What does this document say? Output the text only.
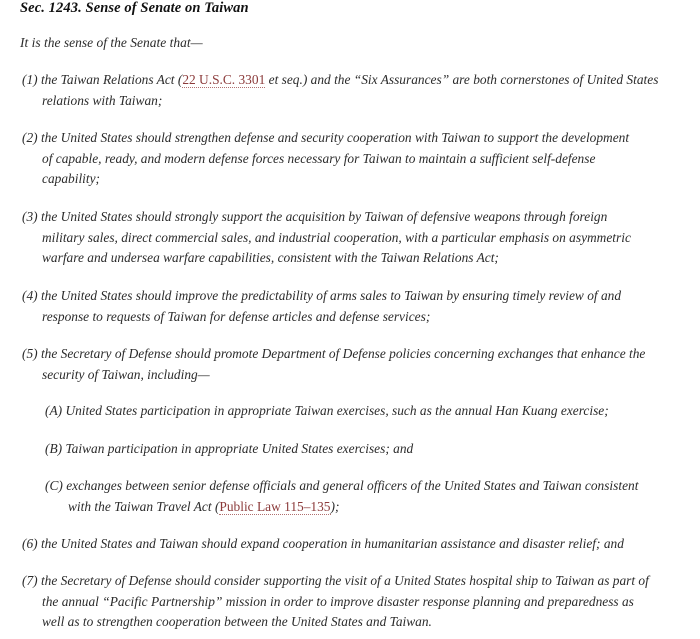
Sec. 1243. Sense of Senate on Taiwan
It is the sense of the Senate that—
(1) the Taiwan Relations Act (22 U.S.C. 3301 et seq.) and the “Six Assurances” are both cornerstones of United States
relations with Taiwan;
(2) the United States should strengthen defense and security cooperation with Taiwan to support the development
of capable, ready, and modern defense forces necessary for Taiwan to maintain a sufficient self-defense
capability;
(3) the United States should strongly support the acquisition by Taiwan of defensive weapons through foreign
military sales, direct commercial sales, and industrial cooperation, with a particular emphasis on asymmetric
warfare and undersea warfare capabilities, consistent with the Taiwan Relations Act;
(4) the United States should improve the predictability of arms sales to Taiwan by ensuring timely review of and
response to requests of Taiwan for defense articles and defense services;
(5) the Secretary of Defense should promote Department of Defense policies concerning exchanges that enhance the
security of Taiwan, including—
(A) United States participation in appropriate Taiwan exercises, such as the annual Han Kuang exercise;
(B) Taiwan participation in appropriate United States exercises; and
(C) exchanges between senior defense officials and general officers of the United States and Taiwan consistent
with the Taiwan Travel Act (Public Law 115–135);
(6) the United States and Taiwan should expand cooperation in humanitarian assistance and disaster relief; and
(7) the Secretary of Defense should consider supporting the visit of a United States hospital ship to Taiwan as part of
the annual “Pacific Partnership” mission in order to improve disaster response planning and preparedness as
well as to strengthen cooperation between the United States and Taiwan.
